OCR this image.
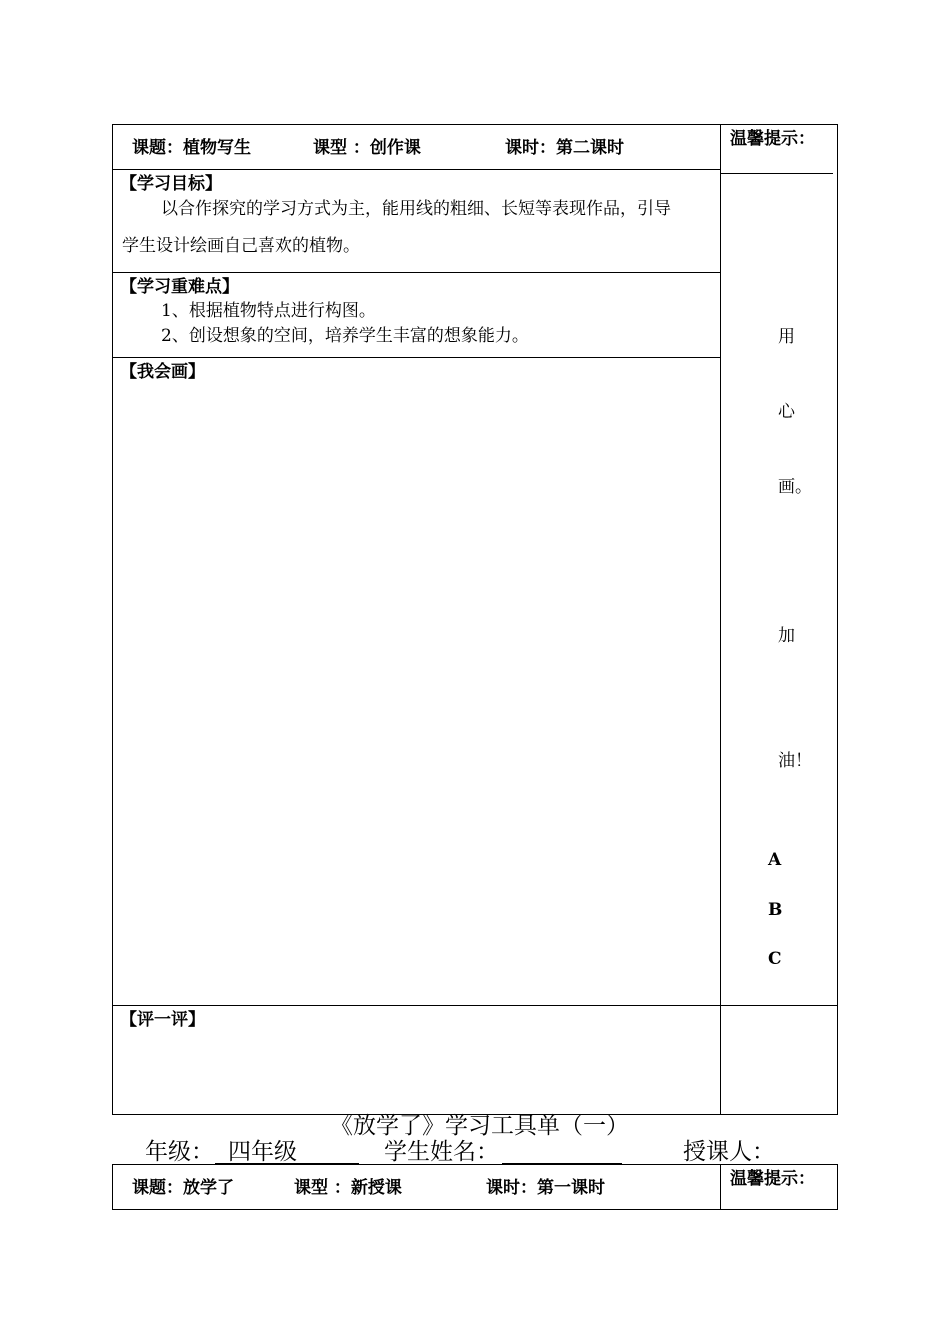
课题：植物写生	课型 ：创作课	课时：第二课时	温馨提示：
【学习目标】
以合作探究的学习方式为主，能用线的粗细、长短等表现作品，引导
学生设计绘画自己喜欢的植物。
【学习重难点】
1、根据植物特点进行构图。
2、创设想象的空间，培养学生丰富的想象能力。
【我会画】
用
心
画。
加
油！
A
B
C
【评一评】
《放学了》学习工具单（一）
年级： 四年级	学生姓名：	授课人：
课题：放学了	课型 ：新授课	课时：第一课时	温馨提示：
